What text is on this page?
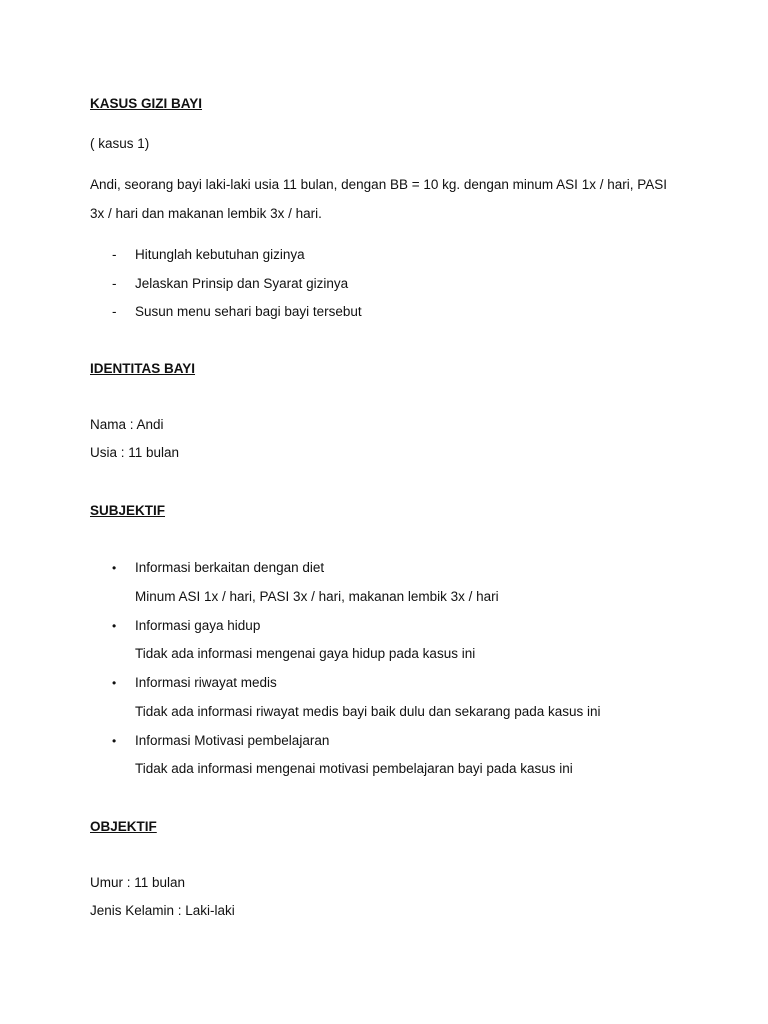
KASUS GIZI BAYI
( kasus 1)
Andi, seorang bayi laki-laki usia 11 bulan, dengan BB = 10 kg. dengan minum ASI 1x / hari, PASI
3x / hari dan makanan lembik 3x / hari.
- Hitunglah kebutuhan gizinya
- Jelaskan Prinsip dan Syarat gizinya
- Susun menu sehari bagi bayi tersebut
IDENTITAS BAYI
Nama : Andi
Usia : 11 bulan
SUBJEKTIF
• Informasi berkaitan dengan diet
Minum ASI 1x / hari, PASI 3x / hari, makanan lembik 3x / hari
• Informasi gaya hidup
Tidak ada informasi mengenai gaya hidup pada kasus ini
• Informasi riwayat medis
Tidak ada informasi riwayat medis bayi baik dulu dan sekarang pada kasus ini
• Informasi Motivasi pembelajaran
Tidak ada informasi mengenai motivasi pembelajaran bayi pada kasus ini
OBJEKTIF
Umur : 11 bulan
Jenis Kelamin : Laki-laki
